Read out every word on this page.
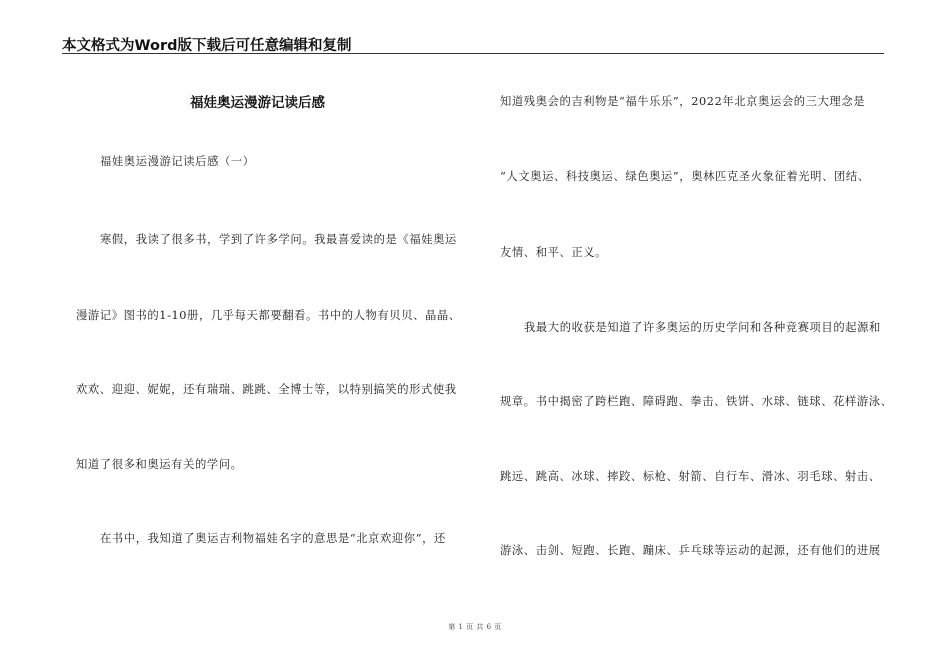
本文格式为Word版下载后可任意编辑和复制
福娃奥运漫游记读后感
福娃奥运漫游记读后感（一）
寒假，我读了很多书，学到了许多学问。我最喜爱读的是《福娃奥运
漫游记》图书的1-10册，几乎每天都要翻看。书中的人物有贝贝、晶晶、
欢欢、迎迎、妮妮，还有瑞瑞、跳跳、全博士等，以特别搞笑的形式使我
知道了很多和奥运有关的学问。
在书中，我知道了奥运吉利物福娃名字的意思是“北京欢迎你”，还
知道残奥会的吉利物是“福牛乐乐”，2022年北京奥运会的三大理念是
“人文奥运、科技奥运、绿色奥运”，奥林匹克圣火象征着光明、团结、
友情、和平、正义。
我最大的收获是知道了许多奥运的历史学问和各种竞赛项目的起源和
规章。书中揭密了跨栏跑、障碍跑、拳击、铁饼、水球、链球、花样游泳、
跳远、跳高、冰球、摔跤、标枪、射箭、自行车、滑冰、羽毛球、射击、
游泳、击剑、短跑、长跑、蹦床、乒乓球等运动的起源，还有他们的进展
第 1 页 共 6 页
